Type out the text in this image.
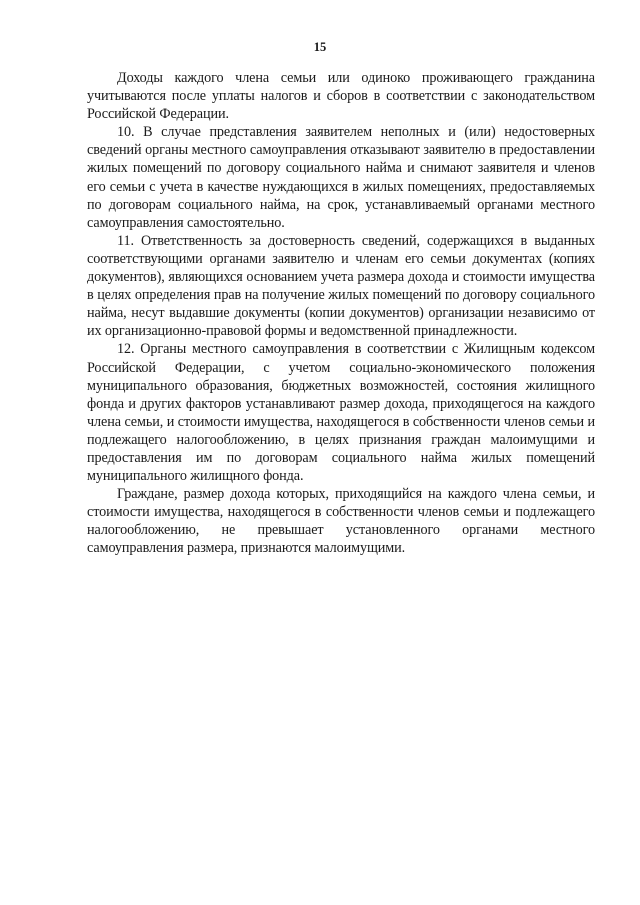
15

Доходы каждого члена семьи или одиноко проживающего гражданина учитываются после уплаты налогов и сборов в соответствии с законодательством Российской Федерации.

10. В случае представления заявителем неполных и (или) недостоверных сведений органы местного самоуправления отказывают заявителю в предоставлении жилых помещений по договору социального найма и снимают заявителя и членов его семьи с учета в качестве нуждающихся в жилых помещениях, предоставляемых по договорам социального найма, на срок, устанавливаемый органами местного самоуправления самостоятельно.

11. Ответственность за достоверность сведений, содержащихся в выданных соответствующими органами заявителю и членам его семьи документах (копиях документов), являющихся основанием учета размера дохода и стоимости имущества в целях определения прав на получение жилых помещений по договору социального найма, несут выдавшие документы (копии документов) организации независимо от их организационно-правовой формы и ведомственной принадлежности.

12. Органы местного самоуправления в соответствии с Жилищным кодексом Российской Федерации, с учетом социально-экономического положения муниципального образования, бюджетных возможностей, состояния жилищного фонда и других факторов устанавливают размер дохода, приходящегося на каждого члена семьи, и стоимости имущества, находящегося в собственности членов семьи и подлежащего налогообложению, в целях признания граждан малоимущими и предоставления им по договорам социального найма жилых помещений муниципального жилищного фонда.

Граждане, размер дохода которых, приходящийся на каждого члена семьи, и стоимости имущества, находящегося в собственности членов семьи и подлежащего налогообложению, не превышает установленного органами местного самоуправления размера, признаются малоимущими.
